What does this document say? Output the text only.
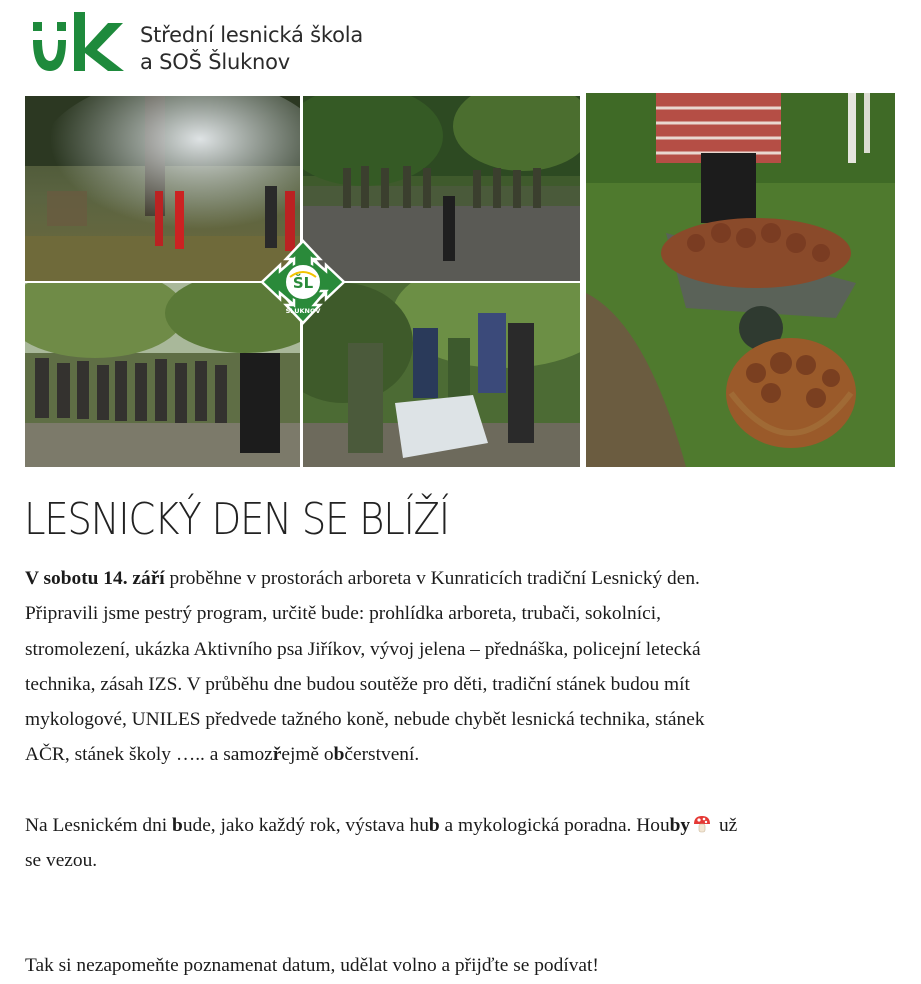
Střední lesnická škola
a SOŠ Šluknov
ŠL
ŠLUKNOV
LESNICKÝ DEN SE BLÍŽÍ

V sobotu 14. září proběhne v prostorách arboreta v Kunraticích tradiční Lesnický den.
Připravili jsme pestrý program, určitě bude: prohlídka arboreta, trubači, sokolníci,
stromolezení, ukázka Aktivního psa Jiříkov, vývoj jelena – přednáška, policejní letecká
technika, zásah IZS. V průběhu dne budou soutěže pro děti, tradiční stánek budou mít
mykologové, UNILES předvede tažného koně, nebude chybět lesnická technika, stánek
AČR, stánek školy ….. a samozřejmě občerstvení.

Na Lesnickém dni bude, jako každý rok, výstava hub a mykologická poradna. Houby už
se vezou.

Tak si nezapomeňte poznamenat datum, udělat volno a přijďte se podívat!
